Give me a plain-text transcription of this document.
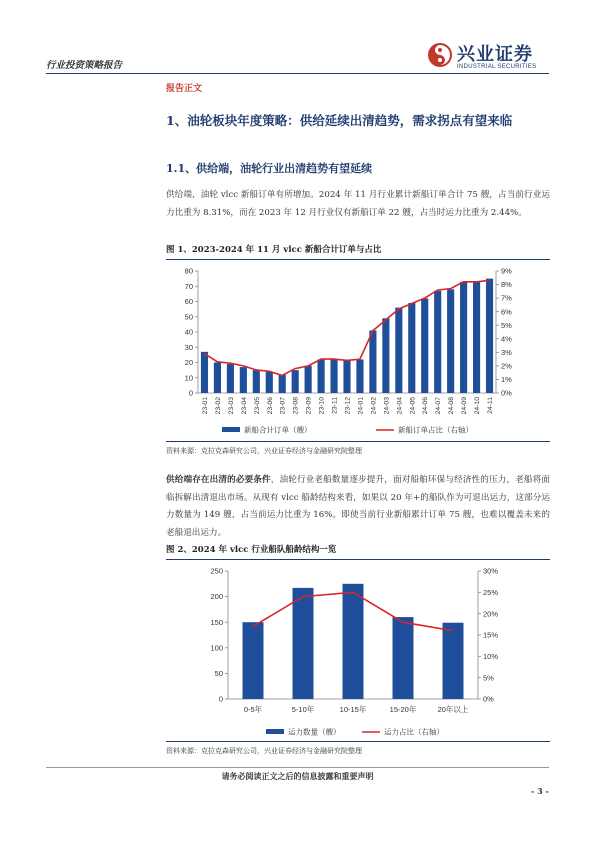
行业投资策略报告
兴业证券
INDUSTRIAL SECURITIES
报告正文
1、油轮板块年度策略：供给延续出清趋势，需求拐点有望来临
1.1、供给端，油轮行业出清趋势有望延续
供给端，油轮 vlcc 新船订单有所增加。2024 年 11 月行业累计新船订单合计 75 艘，占当前行业运力比重为 8.31%，而在 2023 年 12 月行业仅有新船订单 22 艘，占当时运力比重为 2.44%。
图 1、2023-2024 年 11 月 vlcc 新船合计订单与占比
0
10
20
30
40
50
60
70
80
0%
1%
2%
3%
4%
5%
6%
7%
8%
9%
23-01 23-02 23-03 23-04 23-05 23-06 23-07 23-08 23-09 23-10 23-11 23-12 24-01 24-02 24-03 24-04 24-05 24-06 24-07 24-08 24-09 24-10 24-11
新船合计订单（艘）	新船订单占比（右轴）
资料来源：克拉克森研究公司，兴业证券经济与金融研究院整理
供给端存在出清的必要条件，油轮行业老船数量逐步提升，面对船舶环保与经济性的压力，老船将面临拆解出清退出市场。从现有 vlcc 船龄结构来看，如果以 20 年+的船队作为可退出运力，这部分运力数量为 149 艘，占当前运力比重为 16%。即使当前行业新船累计订单 75 艘，也难以覆盖未来的老船退出运力。
图 2、2024 年 vlcc 行业船队船龄结构一览
0
50
100
150
200
250
0%
5%
10%
15%
20%
25%
30%
0-5年	5-10年	10-15年	15-20年	20年以上
运力数量（艘）	运力占比（右轴）
资料来源：克拉克森研究公司，兴业证券经济与金融研究院整理
请务必阅读正文之后的信息披露和重要声明
- 3 -
